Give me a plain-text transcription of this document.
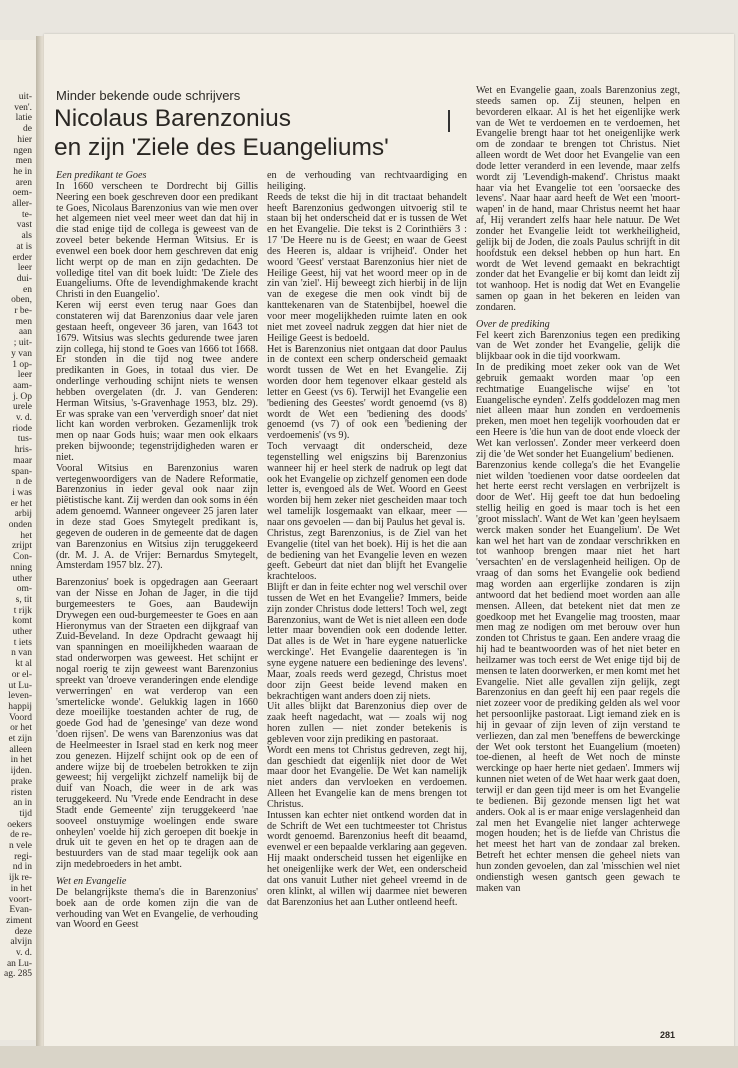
uit-
ven'.
latie
de
hier
ngen
men
he in
aren
oem-
aller-
te-
vast
als
at is
erder
leer
dui-
en
oben,
r be-
men
aan
; uit-
y van
1 op-
leer
aam-
j. Op
urele
v. d.
riode
tus-
hris-
maar
span-
n de
i was
er het
arbij
onden
het
zrijpt
Con-
nning
uther
om-
s, tit
t rijk
komt
uther
t iets
n van
kt al
or el-
ut Lu-
leven-
happij
Voord
or het
et zijn
alleen
in het
ijden.
prake
risten
an in
tijd
oekers
de re-
n vele
regi-
nd in
ijk re-
in het
voort-
Evan-
ziment
deze
alvijn
v. d.
an Lu-
ag. 285
Minder bekende oude schrijvers
Nicolaus Barenzonius
en zijn 'Ziele des Euangeliums'

Een predikant te Goes

In 1660 verscheen te Dordrecht bij Gillis Neering een boek geschreven door een predikant te Goes, Nicolaus Barenzonius van wie men over het algemeen niet veel meer weet dan dat hij in die stad enige tijd de collega is geweest van de zoveel beter bekende Herman Witsius. Er is evenwel een boek door hem geschreven dat enig licht werpt op de man en zijn gedachten. De volledige titel van dit boek luidt: 'De Ziele des Euangeliums. Ofte de levendighmakende kracht Christi in den Euangelio'.

Keren wij eerst even terug naar Goes dan constateren wij dat Barenzonius daar vele jaren gestaan heeft, ongeveer 36 jaren, van 1643 tot 1679. Witsius was slechts gedurende twee jaren zijn collega, hij stond te Goes van 1666 tot 1668. Er stonden in die tijd nog twee andere predikanten in Goes, in totaal dus vier. De onderlinge verhouding schijnt niets te wensen hebben overgelaten (dr. J. van Genderen: Herman Witsius, 's-Gravenhage 1953, blz. 29). Er was sprake van een 'ververdigh snoer' dat niet licht kan worden verbroken. Gezamenlijk trok men op naar Gods huis; waar men ook elkaars preken bijwoonde; tegenstrijdigheden waren er niet.

Vooral Witsius en Barenzonius waren vertegenwoordigers van de Nadere Reformatie, Barenzonius in ieder geval ook naar zijn piëtistische kant. Zij werden dan ook soms in één adem genoemd. Wanneer ongeveer 25 jaren later in deze stad Goes Smytegelt predikant is, gegeven de ouderen in de gemeente dat de dagen van Barenzonius en Witsius zijn teruggekeerd (dr. M. J. A. de Vrijer: Bernardus Smytegelt, Amsterdam 1957 blz. 27).

Barenzonius' boek is opgedragen aan Geeraart van der Nisse en Johan de Jager, in die tijd burgemeesters te Goes, aan Baudewijn Drywegen een oud-burgemeester te Goes en aan Hieronymus van der Straeten een dijkgraaf van Zuid-Beveland. In deze Opdracht gewaagt hij van spanningen en moeilijkheden waaraan de stad onderworpen was geweest. Het schijnt er nogal roerig te zijn geweest want Barenzonius spreekt van 'droeve veranderingen ende elendige verwerringen' en wat verderop van een 'smertelicke wonde'. Gelukkig lagen in 1660 deze moeilijke toestanden achter de rug, de goede God had de 'genesinge' van deze wond 'doen rijsen'. De wens van Barenzonius was dat de Heelmeester in Israel stad en kerk nog meer zou genezen. Hijzelf schijnt ook op de een of andere wijze bij de troebelen betrokken te zijn geweest; hij vergelijkt zichzelf namelijk bij de duif van Noach, die weer in de ark was teruggekeerd. Nu 'Vrede ende Eendracht in dese Stadt ende Gemeente' zijn teruggekeerd 'nae sooveel onstuymige woelingen ende sware onheylen' voelde hij zich geroepen dit boekje in druk uit te geven en het op te dragen aan de bestuurders van de stad maar tegelijk ook aan zijn medebroeders in het ambt.

Wet en Evangelie

De belangrijkste thema's die in Barenzonius' boek aan de orde komen zijn die van de verhouding van Wet en Evangelie, de verhouding van Woord en Geest

en de verhouding van rechtvaardiging en heiliging.

Reeds de tekst die hij in dit tractaat behandelt heeft Barenzonius gedwongen uitvoerig stil te staan bij het onderscheid dat er is tussen de Wet en het Evangelie. Die tekst is 2 Corinthiërs 3 : 17 'De Heere nu is de Geest; en waar de Geest des Heeren is, aldaar is vrijheid'. Onder het woord 'Geest' verstaat Barenzonius hier niet de Heilige Geest, hij vat het woord meer op in de zin van 'ziel'. Hij beweegt zich hierbij in de lijn van de exegese die men ook vindt bij de kanttekenaren van de Statenbijbel, hoewel die voor meer mogelijkheden ruimte laten en ook niet met zoveel nadruk zeggen dat hier niet de Heilige Geest is bedoeld.

Het is Barenzonius niet ontgaan dat door Paulus in de context een scherp onderscheid gemaakt wordt tussen de Wet en het Evangelie. Zij worden door hem tegenover elkaar gesteld als letter en Geest (vs 6). Terwijl het Evangelie een 'bediening des Geestes' wordt genoemd (vs 8) wordt de Wet een 'bediening des doods' genoemd (vs 7) of ook een 'bediening der verdoemenis' (vs 9).

Toch vervaagt dit onderscheid, deze tegenstelling wel enigszins bij Barenzonius wanneer hij er heel sterk de nadruk op legt dat ook het Evangelie op zichzelf genomen een dode letter is, evengoed als de Wet. Woord en Geest worden bij hem zeker niet gescheiden maar toch wel tamelijk losgemaakt van elkaar, meer — naar ons gevoelen — dan bij Paulus het geval is.

Christus, zegt Barenzonius, is de Ziel van het Evangelie (titel van het boek). Hij is het die aan de bediening van het Evangelie leven en wezen geeft. Gebeurt dat niet dan blijft het Evangelie krachteloos.

Blijft er dan in feite echter nog wel verschil over tussen de Wet en het Evangelie? Immers, beide zijn zonder Christus dode letters! Toch wel, zegt Barenzonius, want de Wet is niet alleen een dode letter maar bovendien ook een dodende letter. Dat alles is de Wet in 'hare eygene natuerlicke werckinge'. Het Evangelie daarentegen is 'in syne eygene natuere een bedieninge des levens'. Maar, zoals reeds werd gezegd, Christus moet door zijn Geest beide levend maken en bekrachtigen want anders doen zij niets.

Uit alles blijkt dat Barenzonius diep over de zaak heeft nagedacht, wat — zoals wij nog horen zullen — niet zonder betekenis is gebleven voor zijn prediking en pastoraat.

Wordt een mens tot Christus gedreven, zegt hij, dan geschiedt dat eigenlijk niet door de Wet maar door het Evangelie. De Wet kan namelijk niet anders dan vervloeken en verdoemen. Alleen het Evangelie kan de mens brengen tot Christus.

Intussen kan echter niet ontkend worden dat in de Schrift de Wet een tuchtmeester tot Christus wordt genoemd. Barenzonius heeft dit beaamd, evenwel er een bepaalde verklaring aan gegeven. Hij maakt onderscheid tussen het eigenlijke en het oneigenlijke werk der Wet, een onderscheid dat ons vanuit Luther niet geheel vreemd in de oren klinkt, al willen wij daarmee niet beweren dat Barenzonius het aan Luther ontleend heeft.

Wet en Evangelie gaan, zoals Barenzonius zegt, steeds samen op. Zij steunen, helpen en bevorderen elkaar. Al is het het eigenlijke werk van de Wet te verdoemen en te verdoemen, het Evangelie brengt haar tot het oneigenlijke werk om de zondaar te brengen tot Christus. Niet alleen wordt de Wet door het Evangelie van een dode letter veranderd in een levende, maar zelfs wordt zij 'Levendigh-makend'. Christus maakt haar via het Evangelie tot een 'oorsaecke des levens'. Naar haar aard heeft de Wet een 'moort-wapen' in de hand, maar Christus neemt het haar af, Hij verandert zelfs haar hele natuur. De Wet zonder het Evangelie leidt tot werkheiligheid, gelijk bij de Joden, die zoals Paulus schrijft in dit hoofdstuk een deksel hebben op hun hart. En wordt de Wet levend gemaakt en bekrachtigt zonder dat het Evangelie er bij komt dan leidt zij tot wanhoop. Het is nodig dat Wet en Evangelie samen op gaan in het bekeren en leiden van zondaren.

Over de prediking

Fel keert zich Barenzonius tegen een prediking van de Wet zonder het Evangelie, gelijk die blijkbaar ook in die tijd voorkwam.

In de prediking moet zeker ook van de Wet gebruik gemaakt worden maar 'op een rechtmatige Euangelische wijse' en 'tot Euangelische eynden'. Zelfs goddelozen mag men niet alleen maar hun zonden en verdoemenis preken, men moet hen tegelijk voorhouden dat er een Heere is 'die hun van de doot ende vloeck der Wet kan verlossen'. Zonder meer verkeerd doen zij die 'de Wet sonder het Euangelium' bedienen.

Barenzonius kende collega's die het Evangelie niet wilden 'toedienen voor datse oordeelen dat het herte eerst recht verslagen en verbrijzelt is door de Wet'. Hij geeft toe dat hun bedoeling stellig heilig en goed is maar toch is het een 'groot misslach'. Want de Wet kan 'geen heylsaem werck maken sonder het Euangelium'. De Wet kan wel het hart van de zondaar verschrikken en tot wanhoop brengen maar niet het hart 'versachten' en de verslagenheid heiligen. Op de vraag of dan soms het Evangelie ook bediend mag worden aan ergerlijke zondaren is zijn antwoord dat het bediend moet worden aan alle mensen. Alleen, dat betekent niet dat men ze goedkoop met het Evangelie mag troosten, maar men mag ze nodigen om met berouw over hun zonden tot Christus te gaan. Een andere vraag die hij had te beantwoorden was of het niet beter en heilzamer was toch eerst de Wet enige tijd bij de mensen te laten doorwerken, er men komt met het Evangelie. Niet alle gevallen zijn gelijk, zegt Barenzonius en dan geeft hij een paar regels die niet zozeer voor de prediking gelden als wel voor het persoonlijke pastoraat. Ligt iemand ziek en is hij in gevaar of zijn leven of zijn verstand te verliezen, dan zal men 'beneffens de bewerckinge der Wet ook terstont het Euangelium (moeten) toe-dienen, al heeft de Wet noch de minste werckinge op haer herte niet gedaen'. Immers wij kunnen niet weten of de Wet haar werk gaat doen, terwijl er dan geen tijd meer is om het Evangelie te bedienen. Bij gezonde mensen ligt het wat anders. Ook al is er maar enige verslagenheid dan zal men het Evangelie niet langer achterwege mogen houden; het is de liefde van Christus die het meest het hart van de zondaar zal breken. Betreft het echter mensen die geheel niets van hun zonden gevoelen, dan zal 'misschien wel niet ondienstigh wesen gantsch geen gewach te maken van

281
